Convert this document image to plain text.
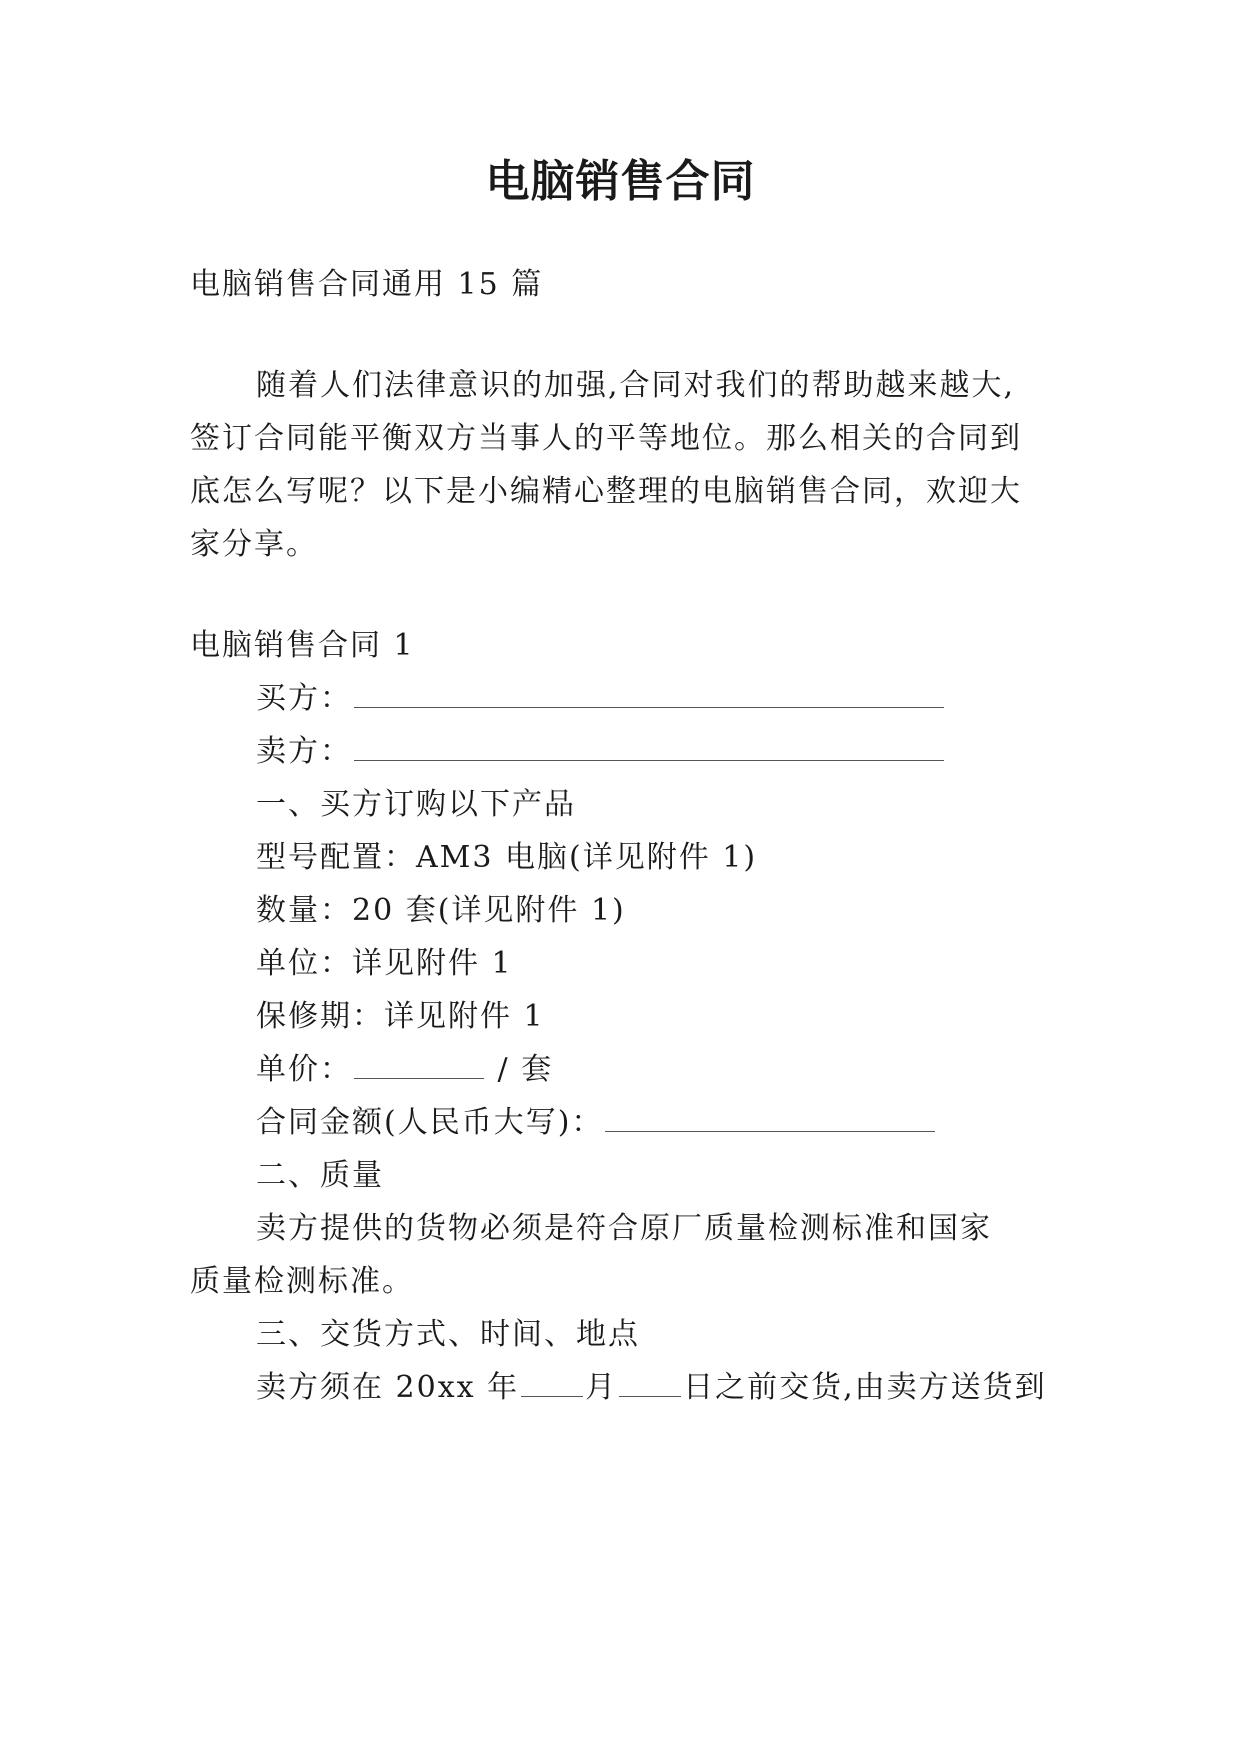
电脑销售合同
电脑销售合同通用 15 篇
随着人们法律意识的加强,合同对我们的帮助越来越大,
签订合同能平衡双方当事人的平等地位。那么相关的合同到
底怎么写呢？以下是小编精心整理的电脑销售合同，欢迎大
家分享。
电脑销售合同 1
买方：
卖方：
一、买方订购以下产品
型号配置：AM3 电脑(详见附件 1)
数量：20 套(详见附件 1)
单位：详见附件 1
保修期：详见附件 1
单价：	/ 套
合同金额(人民币大写)：
二、质量
卖方提供的货物必须是符合原厂质量检测标准和国家
质量检测标准。
三、交货方式、时间、地点
卖方须在 20xx 年 月 日之前交货,由卖方送货到
